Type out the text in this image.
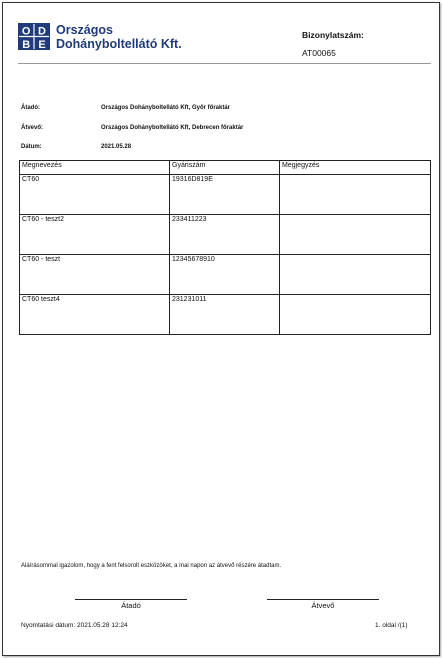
O D
B E
Országos
Dohányboltellátó Kft.
Bizonylatszám:
AT00065
Átadó:	Országos Dohányboltellátó Kft, Győr főraktár
Átvevő:	Országos Dohányboltellátó Kft, Debrecen főraktár
Dátum:	2021.05.28
Megnevezés	Gyáriszám	Megjegyzés
CT60	19316D819E	
CT60 - teszt2	233411223	
CT60 - teszt	12345678910	
CT60 teszt4	231231011	
Aláírásommal igazolom, hogy a fent felsorolt eszközöket, a mai napon az átvevő részére átadtam.
Átadó	Átvevő
Nyomtatási dátum: 2021.05.28 12:24	1. oldal /(1)
